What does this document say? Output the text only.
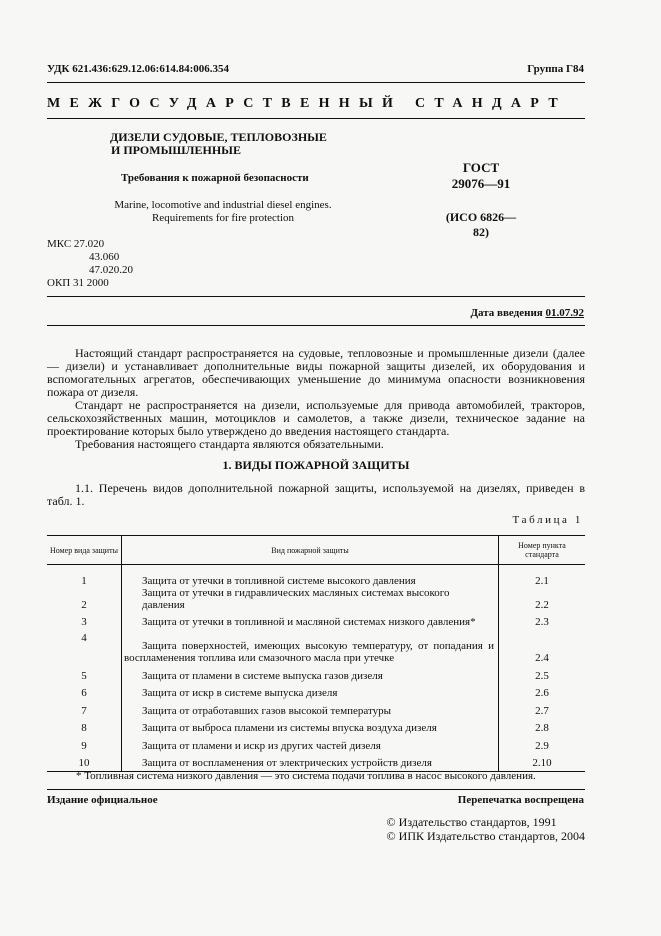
УДК 621.436:629.12.06:614.84:006.354	Группа Г84
МЕЖГОСУДАРСТВЕННЫЙ СТАНДАРТ
ДИЗЕЛИ СУДОВЫЕ, ТЕПЛОВОЗНЫЕ
И ПРОМЫШЛЕННЫЕ
Требования к пожарной безопасности
Marine, locomotive and industrial diesel engines.
Requirements for fire protection
ГОСТ
29076—91
(ИСО 6826—82)
МКС 27.020
43.060
47.020.20
ОКП 31 2000
Дата введения 01.07.92

Настоящий стандарт распространяется на судовые, тепловозные и промышленные дизели (далее — дизели) и устанавливает дополнительные виды пожарной защиты дизелей, их оборудования и вспомогательных агрегатов, обеспечивающих уменьшение до минимума опасности возникновения пожара от дизеля.

Стандарт не распространяется на дизели, используемые для привода автомобилей, тракторов, сельскохозяйственных машин, мотоциклов и самолетов, а также дизели, техническое задание на проектирование которых было утверждено до введения настоящего стандарта.

Требования настоящего стандарта являются обязательными.

1. ВИДЫ ПОЖАРНОЙ ЗАЩИТЫ

1.1. Перечень видов дополнительной пожарной защиты, используемой на дизелях, приведен в табл. 1.

Таблица 1
Номер вида защиты	Вид пожарной защиты	Номер пункта стандарта
1	Защита от утечки в топливной системе высокого давления	2.1
2	Защита от утечки в гидравлических масляных системах высокого давления	2.2
3	Защита от утечки в топливной и масляной системах низкого давления*	2.3
4	Защита поверхностей, имеющих высокую температуру, от попадания и воспламенения топлива или смазочного масла при утечке	2.4
5	Защита от пламени в системе выпуска газов дизеля	2.5
6	Защита от искр в системе выпуска дизеля	2.6
7	Защита от отработавших газов высокой температуры	2.7
8	Защита от выброса пламени из системы впуска воздуха дизеля	2.8
9	Защита от пламени и искр из других частей дизеля	2.9
10	Защита от воспламенения от электрических устройств дизеля	2.10
* Топливная система низкого давления — это система подачи топлива в насос высокого давления.
Издание официальное	Перепечатка воспрещена
© Издательство стандартов, 1991
© ИПК Издательство стандартов, 2004
